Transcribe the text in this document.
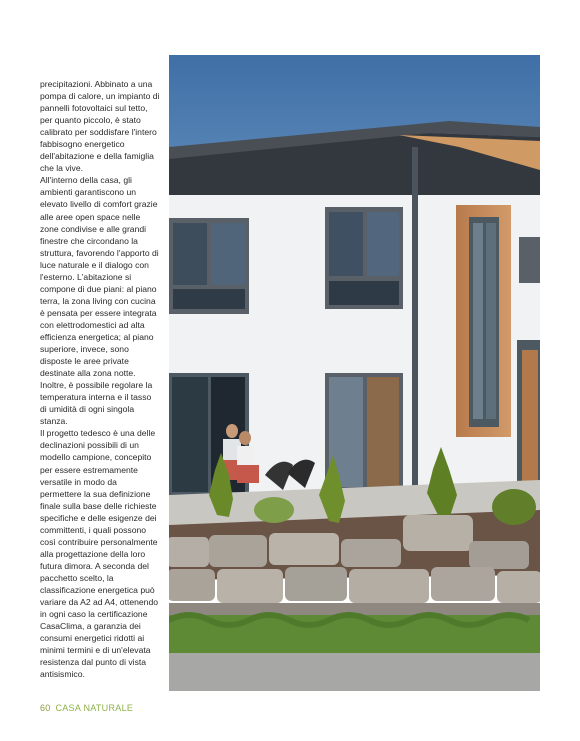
precipitazioni. Abbinato a una pompa di calore, un impianto di pannelli fotovoltaici sul tetto, per quanto piccolo, è stato calibrato per soddisfare l'intero fabbisogno energetico dell'abitazione e della famiglia che la vive.

All'interno della casa, gli ambienti garantiscono un elevato livello di comfort grazie alle aree open space nelle zone condivise e alle grandi finestre che circondano la struttura, favorendo l'apporto di luce naturale e il dialogo con l'esterno. L'abitazione si compone di due piani: al piano terra, la zona living con cucina è pensata per essere integrata con elettrodomestici ad alta efficienza energetica; al piano superiore, invece, sono disposte le aree private destinate alla zona notte. Inoltre, è possibile regolare la temperatura interna e il tasso di umidità di ogni singola stanza.

Il progetto tedesco è una delle declinazioni possibili di un modello campione, concepito per essere estremamente versatile in modo da permettere la sua definizione finale sulla base delle richieste specifiche e delle esigenze dei committenti, i quali possono così contribuire personalmente alla progettazione della loro futura dimora. A seconda del pacchetto scelto, la classificazione energetica può variare da A2 ad A4, ottenendo in ogni caso la certificazione CasaClima, a garanzia dei consumi energetici ridotti ai minimi termini e di un'elevata resistenza dal punto di vista antisismico.

60 CASA NATURALE
